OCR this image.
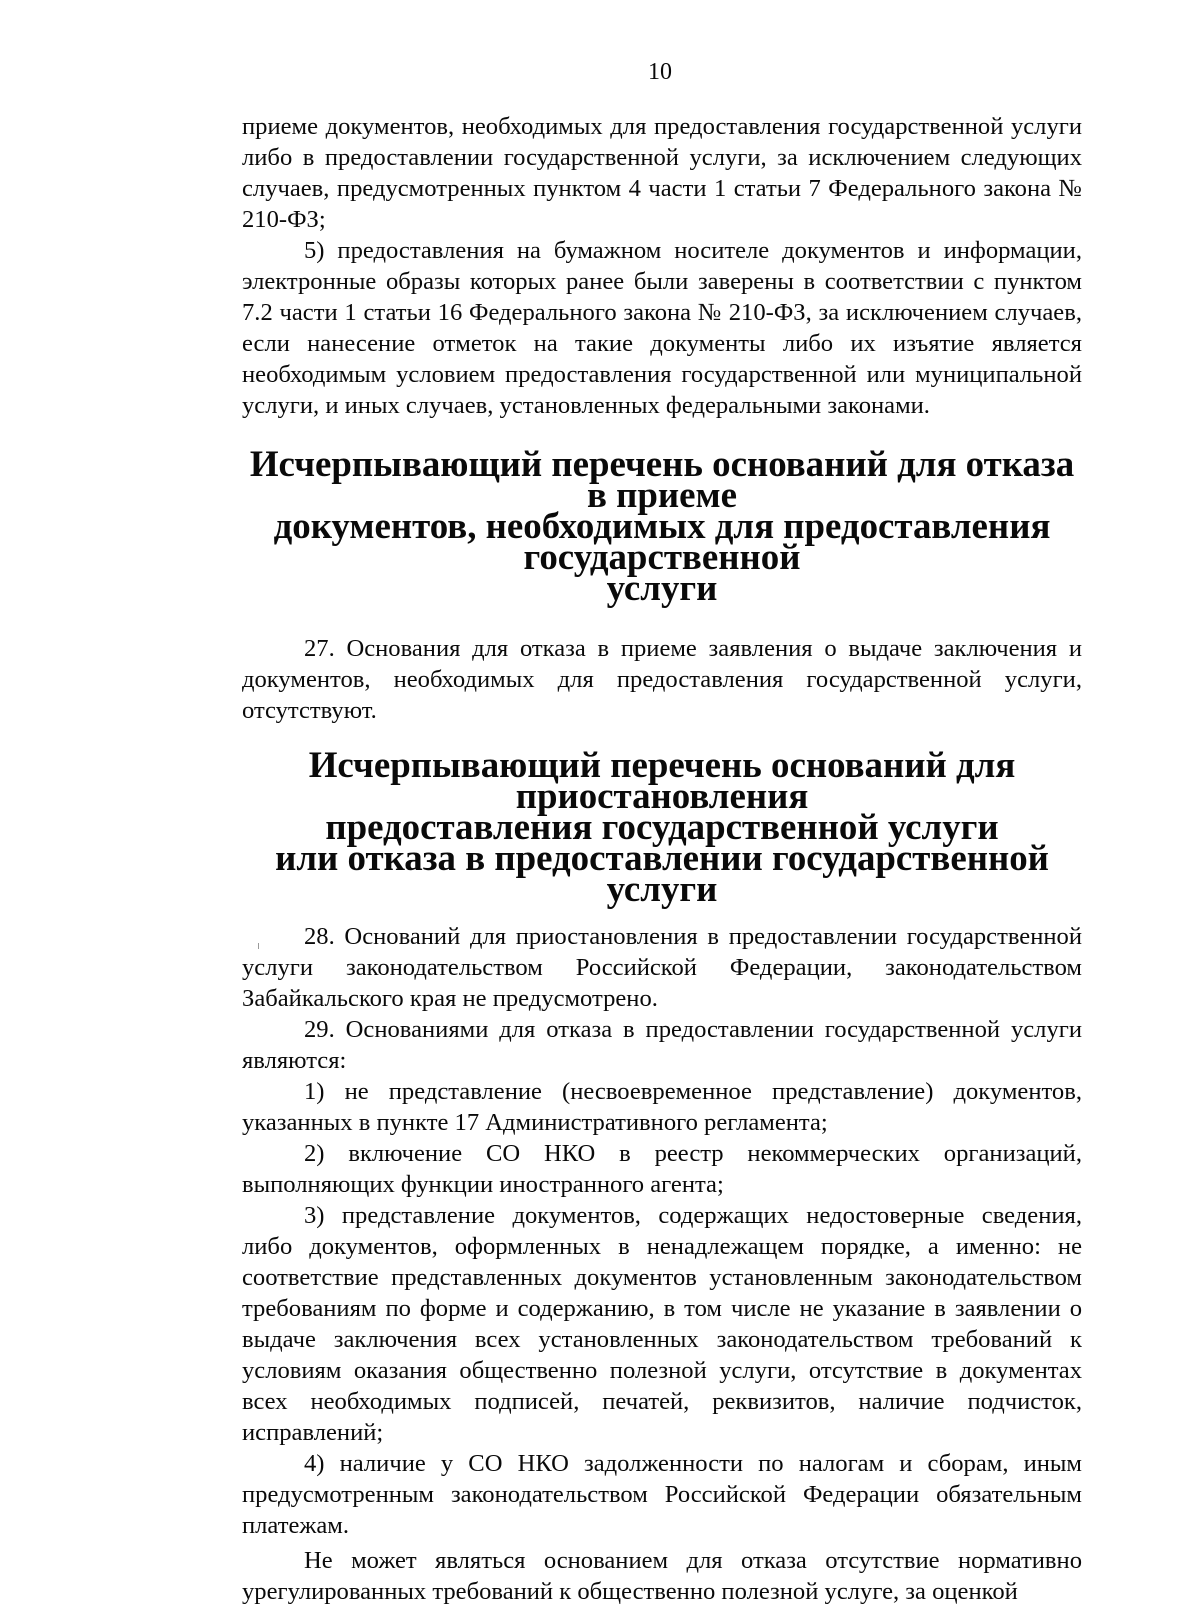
10

приеме документов, необходимых для предоставления государственной услуги либо в предоставлении государственной услуги, за исключением следующих случаев, предусмотренных пунктом 4 части 1 статьи 7 Федерального закона № 210-ФЗ;

5) предоставления на бумажном носителе документов и информации, электронные образы которых ранее были заверены в соответствии с пунктом 7.2 части 1 статьи 16 Федерального закона № 210-ФЗ, за исключением случаев, если нанесение отметок на такие документы либо их изъятие является необходимым условием предоставления государственной или муниципальной услуги, и иных случаев, установленных федеральными законами.

Исчерпывающий перечень оснований для отказа в приеме
документов, необходимых для предоставления государственной
услуги

27. Основания для отказа в приеме заявления о выдаче заключения и документов, необходимых для предоставления государственной услуги, отсутствуют.

Исчерпывающий перечень оснований для приостановления
предоставления государственной услуги
или отказа в предоставлении государственной услуги

28. Оснований для приостановления в предоставлении государственной услуги законодательством Российской Федерации, законодательством Забайкальского края не предусмотрено.

29. Основаниями для отказа в предоставлении государственной услуги являются:

1) не представление (несвоевременное представление) документов, указанных в пункте 17 Административного регламента;

2) включение СО НКО в реестр некоммерческих организаций, выполняющих функции иностранного агента;

3) представление документов, содержащих недостоверные сведения, либо документов, оформленных в ненадлежащем порядке, а именно: не соответствие представленных документов установленным законодательством требованиям по форме и содержанию, в том числе не указание в заявлении о выдаче заключения всех установленных законодательством требований к условиям оказания общественно полезной услуги, отсутствие в документах всех необходимых подписей, печатей, реквизитов, наличие подчисток, исправлений;

4) наличие у СО НКО задолженности по налогам и сборам, иным предусмотренным законодательством Российской Федерации обязательным платежам.

Не может являться основанием для отказа отсутствие нормативно урегулированных требований к общественно полезной услуге, за оценкой
